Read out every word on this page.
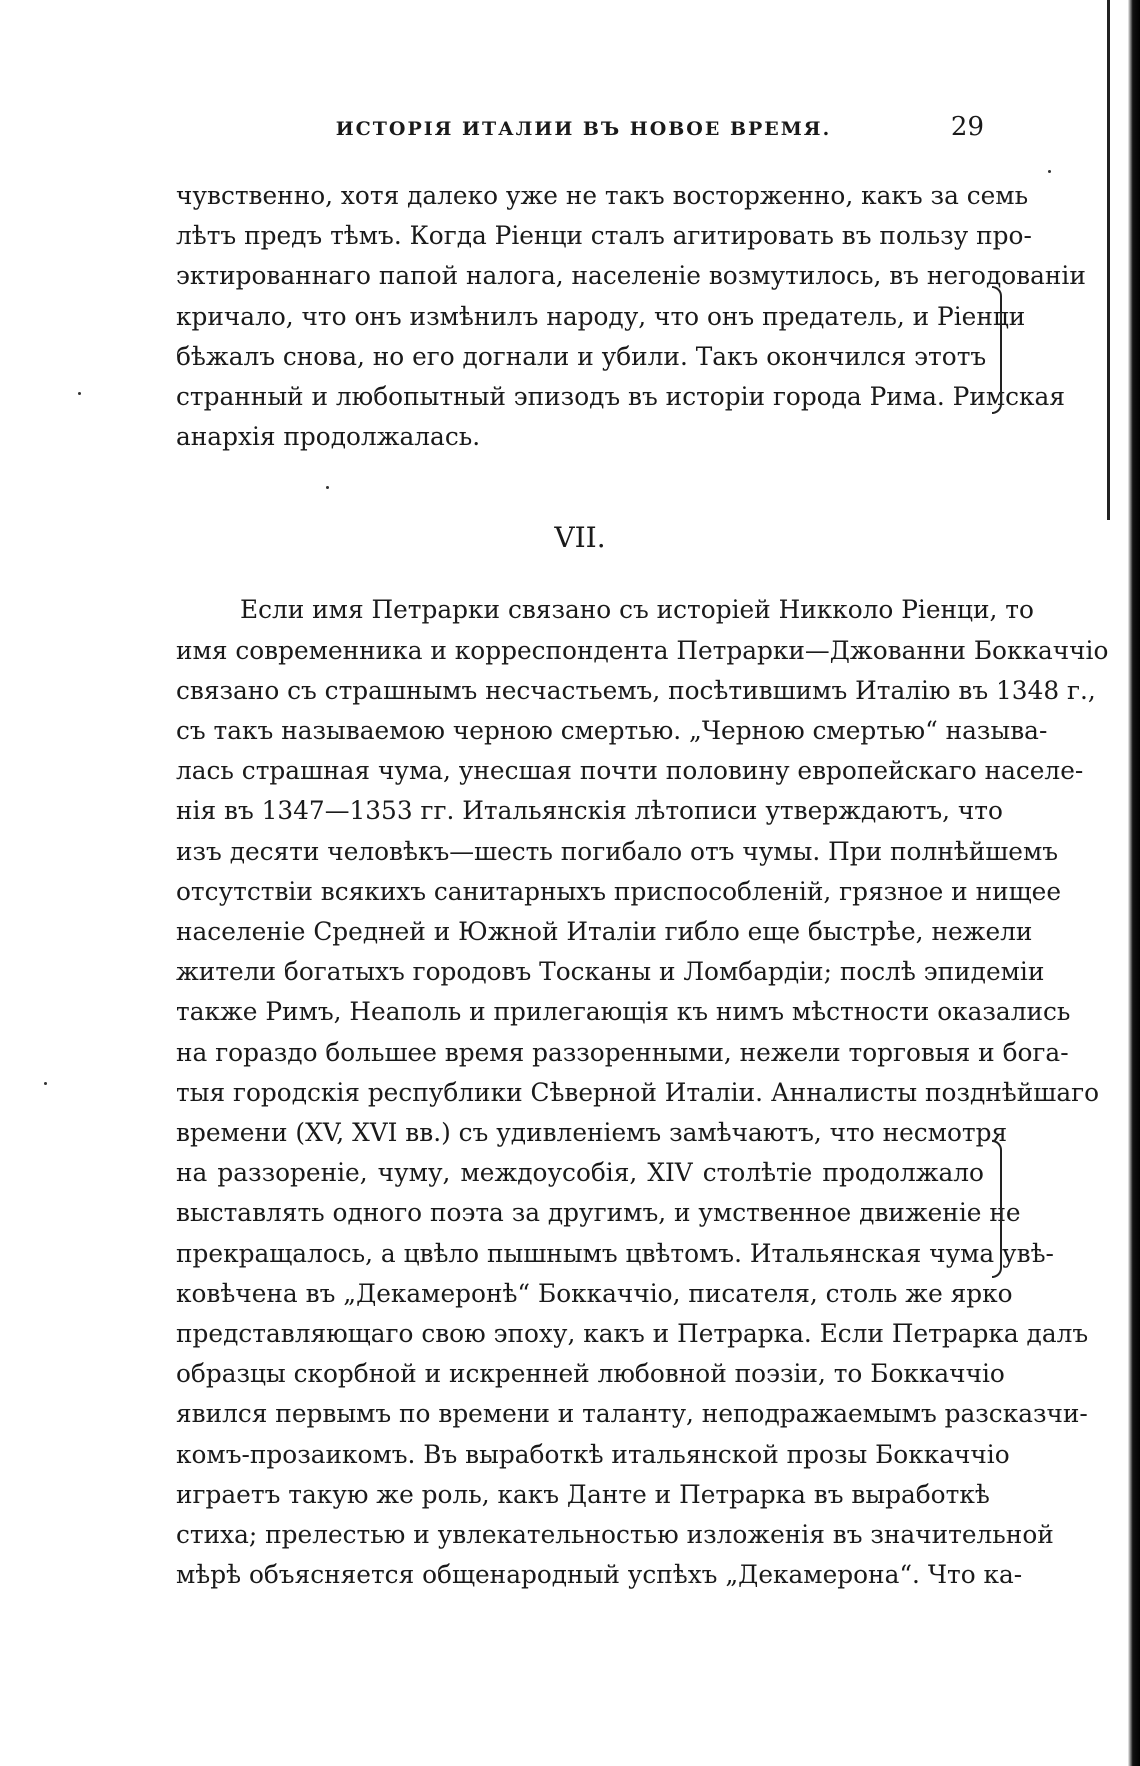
ИСТОРІЯ ИТАЛИИ ВЪ НОВОЕ ВРЕМЯ.	29
чувственно, хотя далеко уже не такъ восторженно, какъ за семь
лѣтъ предъ тѣмъ. Когда Ріенци сталъ агитировать въ пользу про-
эктированнаго папой налога, населеніе возмутилось, въ негодованіи
кричало, что онъ измѣнилъ народу, что онъ предатель, и Ріенци
бѣжалъ снова, но его догнали и убили. Такъ окончился этотъ
странный и любопытный эпизодъ въ исторіи города Рима. Римская
анархія продолжалась.
VII.
Если имя Петрарки связано съ исторіей Никколо Ріенци, то
имя современника и корреспондента Петрарки—Джованни Боккаччіо
связано съ страшнымъ несчастьемъ, посѣтившимъ Италію въ 1348 г.,
съ такъ называемою черною смертью. „Черною смертью“ называ-
лась страшная чума, унесшая почти половину европейскаго населе-
нія въ 1347—1353 гг. Итальянскія лѣтописи утверждаютъ, что
изъ десяти человѣкъ—шесть погибало отъ чумы. При полнѣйшемъ
отсутствіи всякихъ санитарныхъ приспособленій, грязное и нищее
населеніе Средней и Южной Италіи гибло еще быстрѣе, нежели
жители богатыхъ городовъ Тосканы и Ломбардіи; послѣ эпидеміи
также Римъ, Неаполь и прилегающія къ нимъ мѣстности оказались
на гораздо большее время раззоренными, нежели торговыя и бога-
тыя городскія республики Сѣверной Италіи. Анналисты позднѣйшаго
времени (XV, XVI вв.) съ удивленіемъ замѣчаютъ, что несмотря
на раззореніе, чуму, междоусобія, XIV столѣтіе продолжало
выставлять одного поэта за другимъ, и умственное движеніе не
прекращалось, а цвѣло пышнымъ цвѣтомъ. Итальянская чума увѣ-
ковѣчена въ „Декамеронѣ“ Боккаччіо, писателя, столь же ярко
представляющаго свою эпоху, какъ и Петрарка. Если Петрарка далъ
образцы скорбной и искренней любовной поэзіи, то Боккаччіо
явился первымъ по времени и таланту, неподражаемымъ разсказчи-
комъ-прозаикомъ. Въ выработкѣ итальянской прозы Боккаччіо
играетъ такую же роль, какъ Данте и Петрарка въ выработкѣ
стиха; прелестью и увлекательностью изложенія въ значительной
мѣрѣ объясняется общенародный успѣхъ „Декамерона“. Что ка-
